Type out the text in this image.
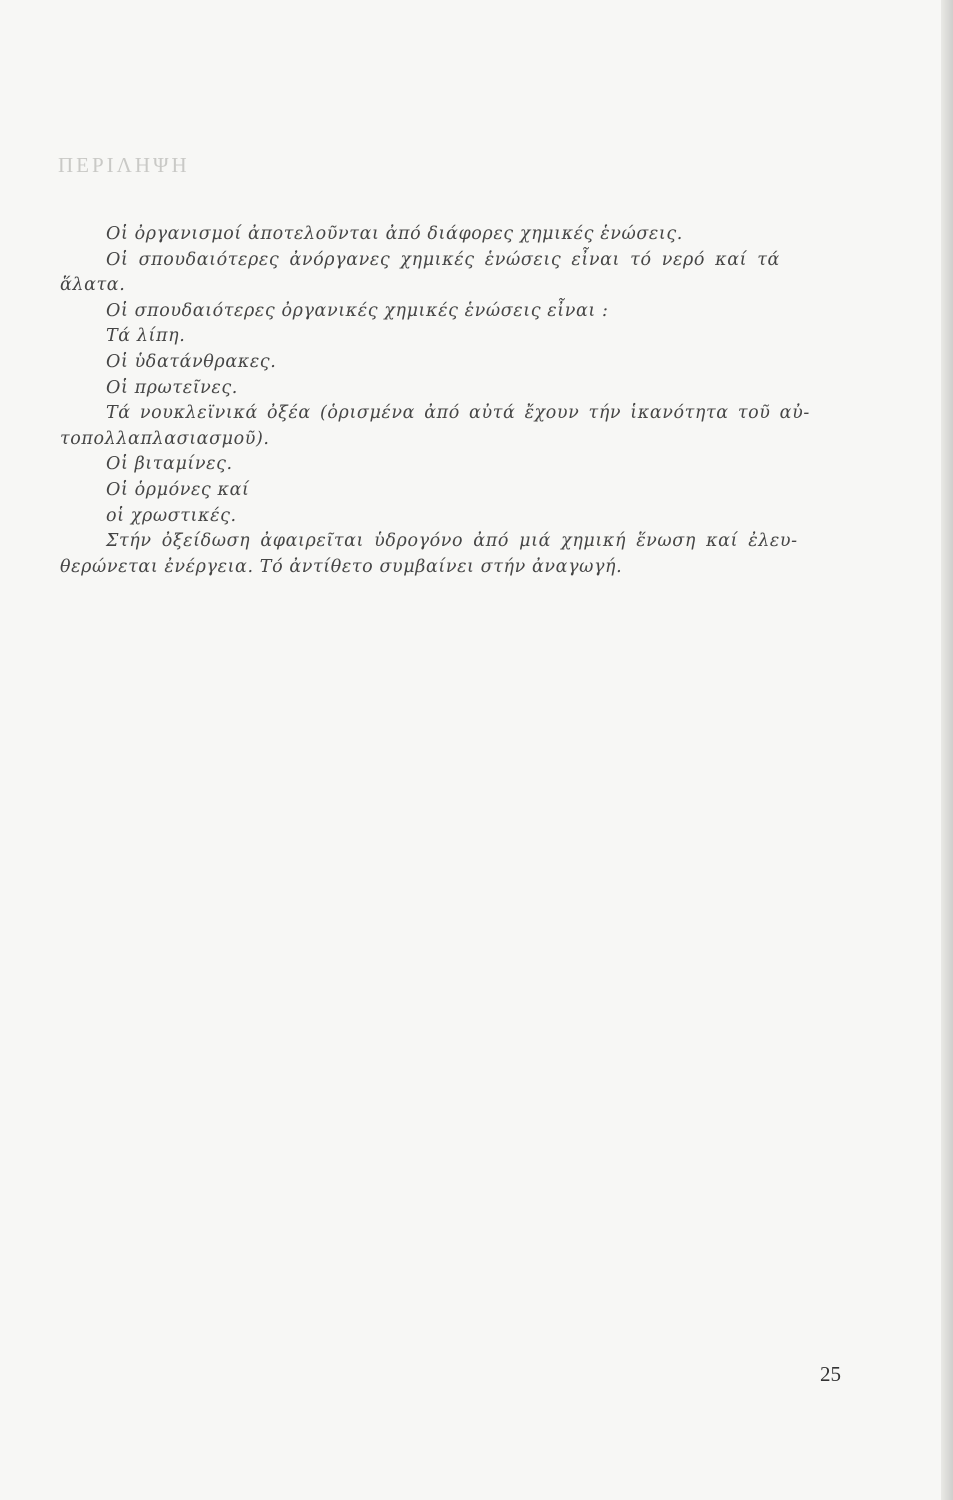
ΠΕΡΙΛΗΨΗ
Οἱ ὀργανισμοί ἀποτελοῦνται ἀπό διάφορες χημικές ἑνώσεις.
Οἱ σπουδαιότερες ἀνόργανες χημικές ἑνώσεις εἶναι τό νερό καί τά
ἅλατα.
Οἱ σπουδαιότερες ὀργανικές χημικές ἑνώσεις εἶναι :
Τά λίπη.
Οἱ ὑδατάνθρακες.
Οἱ πρωτεῖνες.
Τά νουκλεϊνικά ὀξέα (ὁρισμένα ἀπό αὐτά ἔχουν τήν ἱκανότητα τοῦ αὐ-
τοπολλαπλασιασμοῦ).
Οἱ βιταμίνες.
Οἱ ὁρμόνες καί
οἱ χρωστικές.
Στήν ὀξείδωση ἀφαιρεῖται ὑδρογόνο ἀπό μιά χημική ἕνωση καί ἐλευ-
θερώνεται ἐνέργεια. Τό ἀντίθετο συμβαίνει στήν ἀναγωγή.
25
